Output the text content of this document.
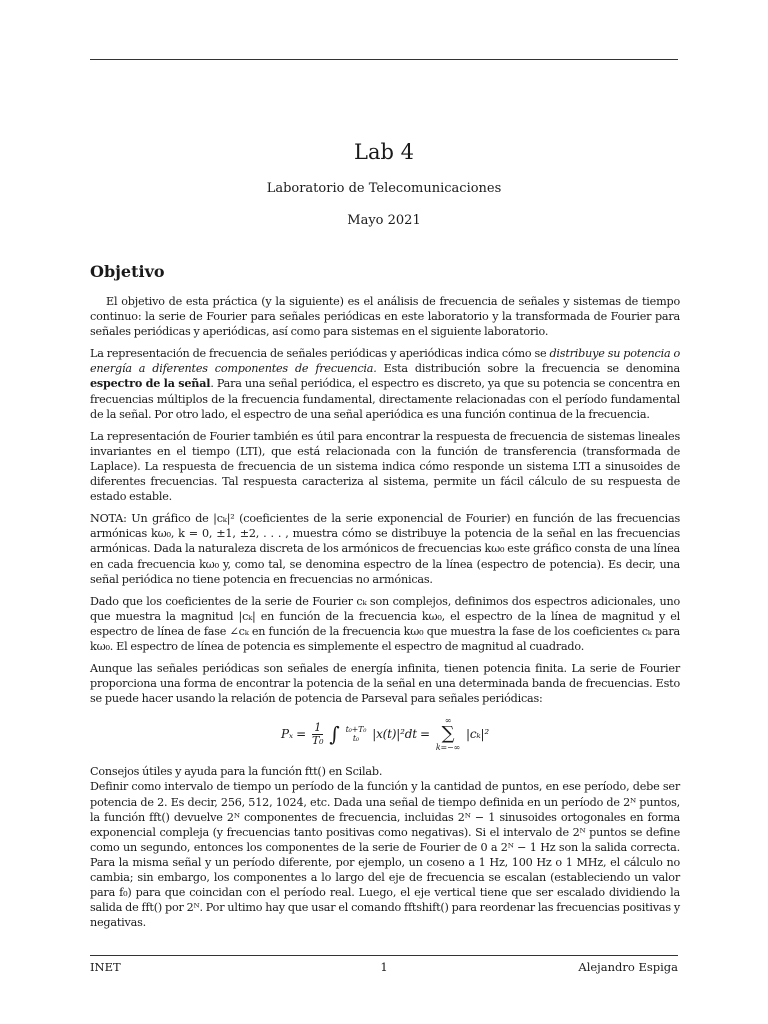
Lab 4
Laboratorio de Telecomunicaciones
Mayo 2021
Objetivo

El objetivo de esta práctica (y la siguiente) es el análisis de frecuencia de señales y sistemas de tiempo continuo: la serie de Fourier para señales periódicas en este laboratorio y la transformada de Fourier para señales periódicas y aperiódicas, así como para sistemas en el siguiente laboratorio.

La representación de frecuencia de señales periódicas y aperiódicas indica cómo se distribuye su potencia o energía a diferentes componentes de frecuencia. Esta distribución sobre la frecuencia se denomina espectro de la señal. Para una señal periódica, el espectro es discreto, ya que su potencia se concentra en frecuencias múltiplos de la frecuencia fundamental, directamente relacionadas con el período fundamental de la señal. Por otro lado, el espectro de una señal aperiódica es una función continua de la frecuencia.

La representación de Fourier también es útil para encontrar la respuesta de frecuencia de sistemas lineales invariantes en el tiempo (LTI), que está relacionada con la función de transferencia (transformada de Laplace). La respuesta de frecuencia de un sistema indica cómo responde un sistema LTI a sinusoides de diferentes frecuencias. Tal respuesta caracteriza al sistema, permite un fácil cálculo de su respuesta de estado estable.

NOTA: Un gráfico de |cₖ|² (coeficientes de la serie exponencial de Fourier) en función de las frecuencias armónicas kω₀, k = 0, ±1, ±2, . . . , muestra cómo se distribuye la potencia de la señal en las frecuencias armónicas. Dada la naturaleza discreta de los armónicos de frecuencias kω₀ este gráfico consta de una línea en cada frecuencia kω₀ y, como tal, se denomina espectro de la línea (espectro de potencia). Es decir, una señal periódica no tiene potencia en frecuencias no armónicas.

Dado que los coeficientes de la serie de Fourier cₖ son complejos, definimos dos espectros adicionales, uno que muestra la magnitud |cₖ| en función de la frecuencia kω₀, el espectro de la línea de magnitud y el espectro de línea de fase ∠cₖ en función de la frecuencia kω₀ que muestra la fase de los coeficientes cₖ para kω₀. El espectro de línea de potencia es simplemente el espectro de magnitud al cuadrado.

Aunque las señales periódicas son señales de energía infinita, tienen potencia finita. La serie de Fourier proporciona una forma de encontrar la potencia de la señal en una determinada banda de frecuencias. Esto se puede hacer usando la relación de potencia de Parseval para señales periódicas:

$P_x = \frac{1}{\text{T₀}}$ ∫ t₀+T₀
t₀ |x(t)|²dt =
∞
∑
k=−∞
|cₖ|²

Consejos útiles y ayuda para la función ftt() en Scilab.

Definir como intervalo de tiempo un período de la función y la cantidad de puntos, en ese período, debe ser potencia de 2. Es decir, 256, 512, 1024, etc. Dada una señal de tiempo definida en un período de 2ᴺ puntos, la función fft() devuelve 2ᴺ componentes de frecuencia, incluidas 2ᴺ − 1 sinusoides ortogonales en forma exponencial compleja (y frecuencias tanto positivas como negativas). Si el intervalo de 2ᴺ puntos se define como un segundo, entonces los componentes de la serie de Fourier de 0 a 2ᴺ − 1 Hz son la salida correcta. Para la misma señal y un período diferente, por ejemplo, un coseno a 1 Hz, 100 Hz o 1 MHz, el cálculo no cambia; sin embargo, los componentes a lo largo del eje de frecuencia se escalan (estableciendo un valor para f₀) para que coincidan con el período real. Luego, el eje vertical tiene que ser escalado dividiendo la salida de fft() por 2ᴺ. Por ultimo hay que usar el comando fftshift() para reordenar las frecuencias positivas y negativas.

INET	1	Alejandro Espiga
